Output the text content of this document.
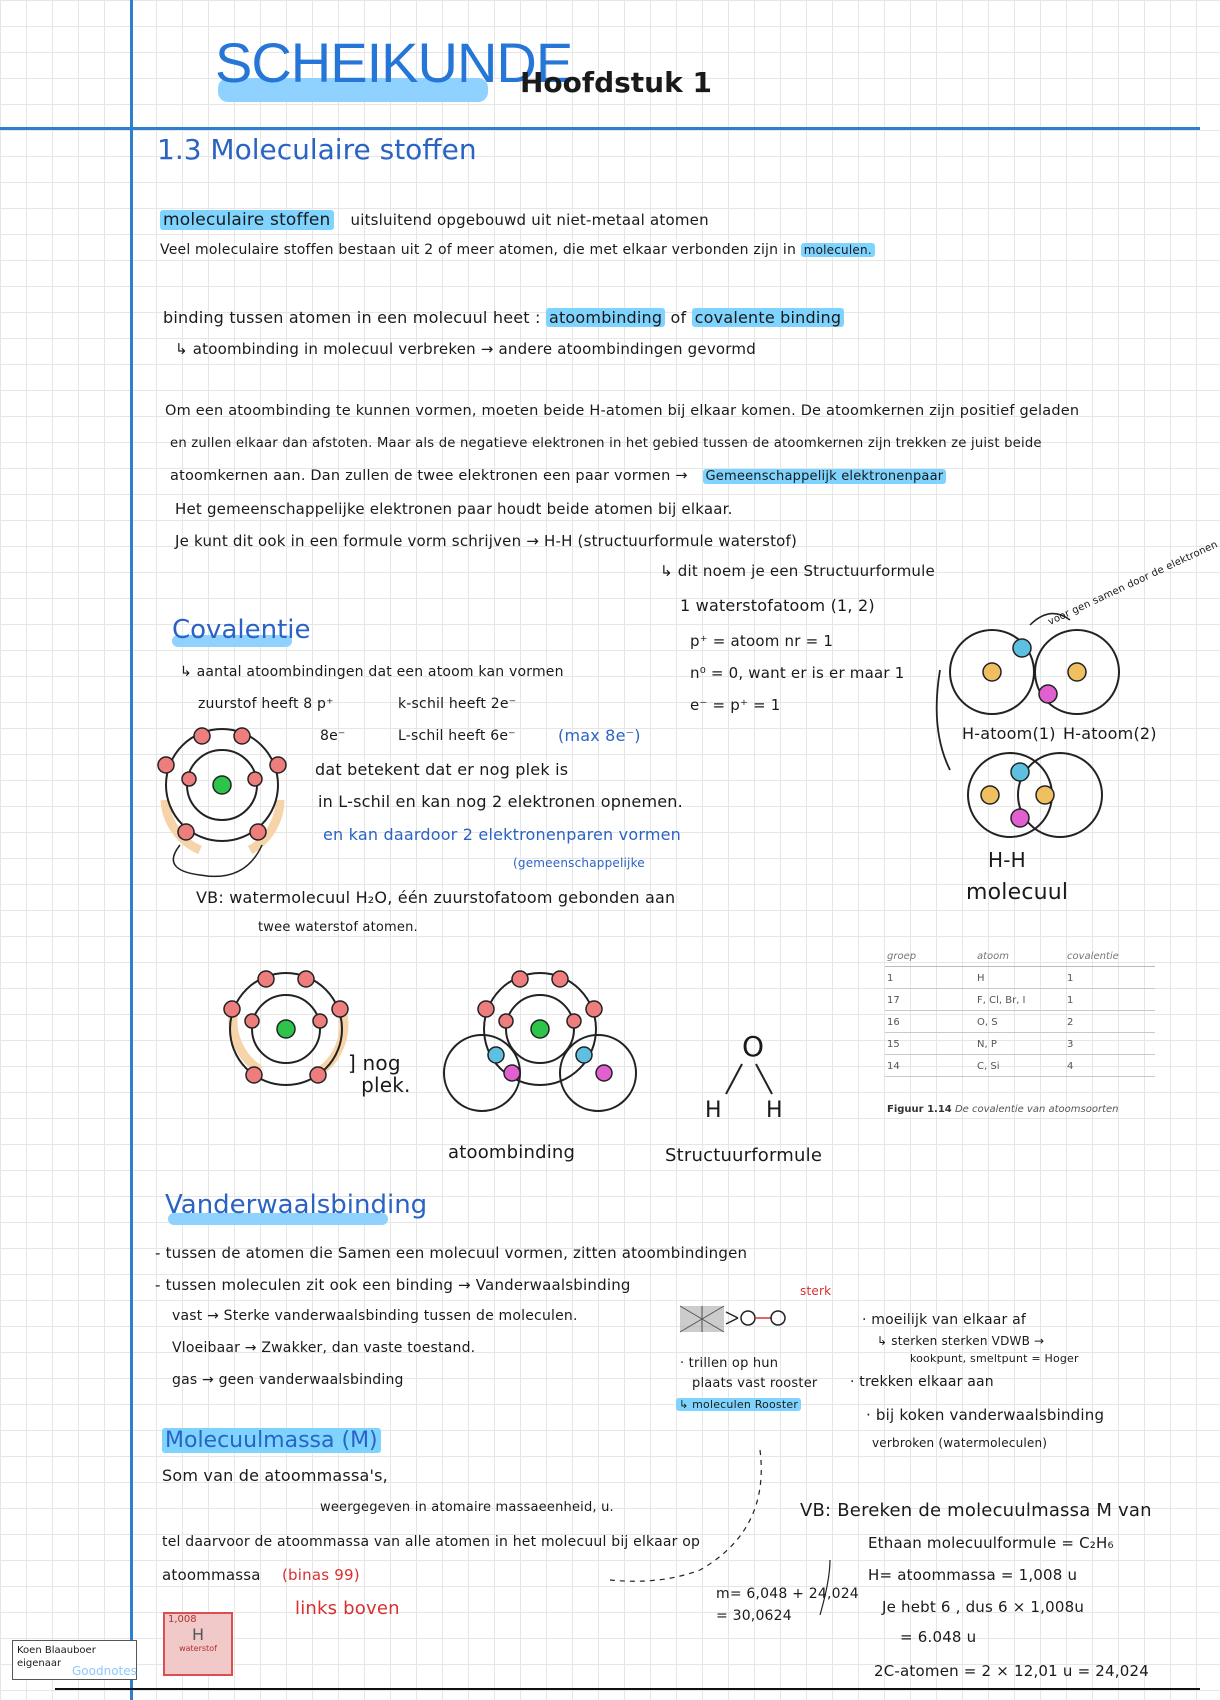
SCHEIKUNDE
Hoofdstuk 1
1.3 Moleculaire stoffen
moleculaire stoffen uitsluitend opgebouwd uit niet-metaal atomen
Veel moleculaire stoffen bestaan uit 2 of meer atomen, die met elkaar verbonden zijn in moleculen.
binding tussen atomen in een molecuul heet : atoombinding of covalente binding
↳ atoombinding in molecuul verbreken → andere atoombindingen gevormd
Om een atoombinding te kunnen vormen, moeten beide H-atomen bij elkaar komen. De atoomkernen zijn positief geladen
en zullen elkaar dan afstoten. Maar als de negatieve elektronen in het gebied tussen de atoomkernen zijn trekken ze juist beide
atoomkernen aan. Dan zullen de twee elektronen een paar vormen → Gemeenschappelijk elektronenpaar
Het gemeenschappelijke elektronen paar houdt beide atomen bij elkaar.
Je kunt dit ook in een formule vorm schrijven → H-H (structuurformule waterstof)
↳ dit noem je een Structuurformule
1 waterstofatoom (1, 2)
p⁺ = atoom nr = 1
n⁰ = 0, want er is er maar 1
e⁻ = p⁺ = 1
Covalentie
↳ aantal atoombindingen dat een atoom kan vormen
zuurstof heeft 8 p⁺	k-schil heeft 2e⁻
8e⁻	L-schil heeft 6e⁻	(max 8e⁻)
dat betekent dat er nog plek is
in L-schil en kan nog 2 elektronen opnemen.
en kan daardoor 2 elektronenparen vormen
(gemeenschappelijke
VB: watermolecuul H₂O, één zuurstofatoom gebonden aan
twee waterstof atomen.
voor gen samen door de elektronen
H-atoom(1) H-atoom(2)
H-H
molecuul
] nog
plek.
atoombinding
O
H H
Structuurformule
groep	atoom	covalentie
1	H	1
17	F, Cl, Br, I	1
16	O, S	2
15	N, P	3
14	C, Si	4
Figuur 1.14 De covalentie van atoomsoorten
Vanderwaalsbinding
- tussen de atomen die Samen een molecuul vormen, zitten atoombindingen
- tussen moleculen zit ook een binding → Vanderwaalsbinding
vast → Sterke vanderwaalsbinding tussen de moleculen.
Vloeibaar → Zwakker, dan vaste toestand.
gas → geen vanderwaalsbinding
sterk
· trillen op hun
plaats vast rooster
↳ moleculen Rooster
· moeilijk van elkaar af
↳ sterken sterken VDWB →
kookpunt, smeltpunt = Hoger
· trekken elkaar aan
· bij koken vanderwaalsbinding
verbroken (watermoleculen)
Molecuulmassa (M)
Som van de atoommassa's,
weergegeven in atomaire massaeenheid, u.
tel daarvoor de atoommassa van alle atomen in het molecuul bij elkaar op
atoommassa (binas 99)
links boven
1,008
H
waterstof
m= 6,048 + 24,024
= 30,0624
VB: Bereken de molecuulmassa M van
Ethaan molecuulformule = C₂H₆
H= atoommassa = 1,008 u
Je hebt 6 , dus 6 × 1,008u
= 6.048 u
2C-atomen = 2 × 12,01 u = 24,024
Koen Blaauboer
eigenaar
Goodnotes
